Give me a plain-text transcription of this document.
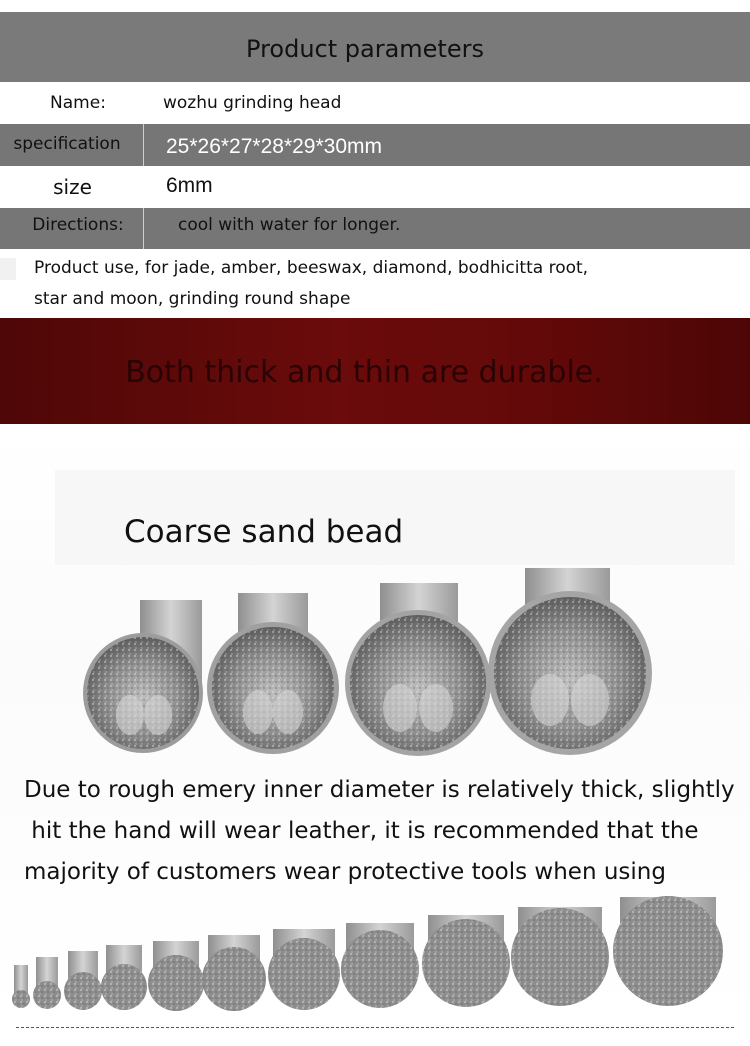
Product parameters
Name:	wozhu grinding head
specification	25*26*27*28*29*30mm
size	6mm
Directions:	cool with water for longer.
Product use, for jade, amber, beeswax, diamond, bodhicitta root,
star and moon, grinding round shape
Both thick and thin are durable.
Coarse sand bead
Due to rough emery inner diameter is relatively thick, slightly
hit the hand will wear leather, it is recommended that the
majority of customers wear protective tools when using
